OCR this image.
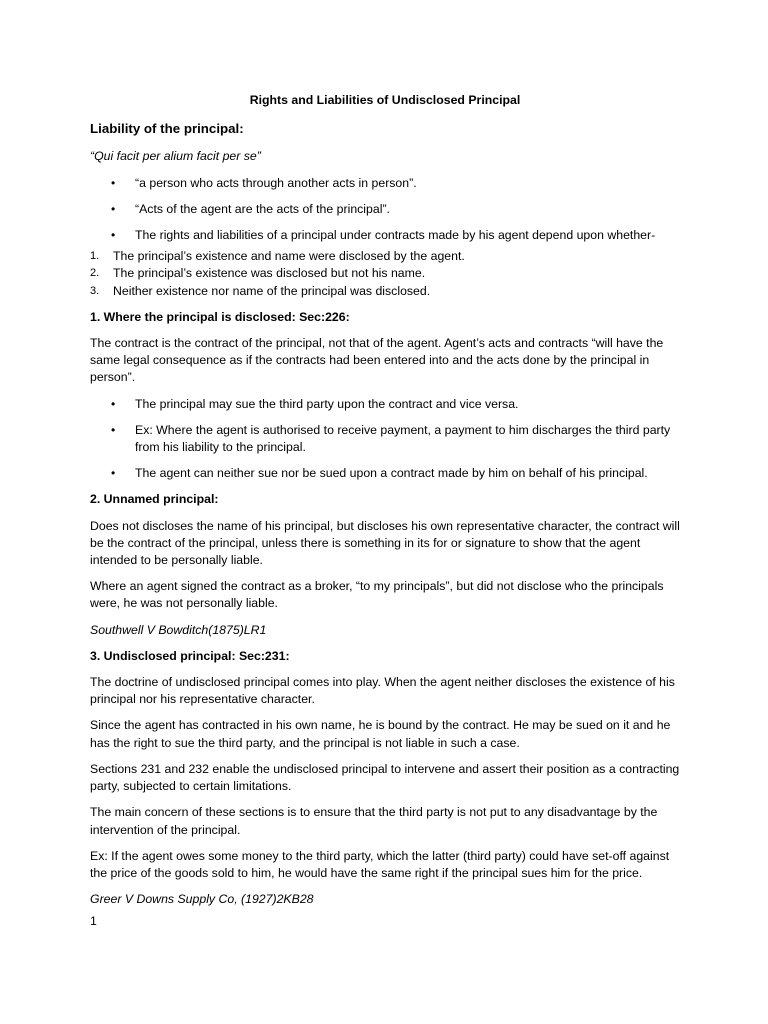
Rights and Liabilities of Undisclosed Principal
Liability of the principal:
“Qui facit per alium facit per se”
• “a person who acts through another acts in person”.
• “Acts of the agent are the acts of the principal”.
• The rights and liabilities of a principal under contracts made by his agent depend upon whether-
1. The principal’s existence and name were disclosed by the agent.
2. The principal’s existence was disclosed but not his name.
3. Neither existence nor name of the principal was disclosed.
1. Where the principal is disclosed: Sec:226:
The contract is the contract of the principal, not that of the agent. Agent’s acts and contracts “will have the same legal consequence as if the contracts had been entered into and the acts done by the principal in person”.
• The principal may sue the third party upon the contract and vice versa.
• Ex: Where the agent is authorised to receive payment, a payment to him discharges the third party from his liability to the principal.
• The agent can neither sue nor be sued upon a contract made by him on behalf of his principal.
2. Unnamed principal:
Does not discloses the name of his principal, but discloses his own representative character, the contract will be the contract of the principal, unless there is something in its for or signature to show that the agent intended to be personally liable.
Where an agent signed the contract as a broker, “to my principals”, but did not disclose who the principals were, he was not personally liable.
Southwell V Bowditch(1875)LR1
3. Undisclosed principal: Sec:231:
The doctrine of undisclosed principal comes into play. When the agent neither discloses the existence of his principal nor his representative character.
Since the agent has contracted in his own name, he is bound by the contract. He may be sued on it and he has the right to sue the third party, and the principal is not liable in such a case.
Sections 231 and 232 enable the undisclosed principal to intervene and assert their position as a contracting party, subjected to certain limitations.
The main concern of these sections is to ensure that the third party is not put to any disadvantage by the intervention of the principal.
Ex: If the agent owes some money to the third party, which the latter (third party) could have set-off against the price of the goods sold to him, he would have the same right if the principal sues him for the price.
Greer V Downs Supply Co, (1927)2KB28
1
